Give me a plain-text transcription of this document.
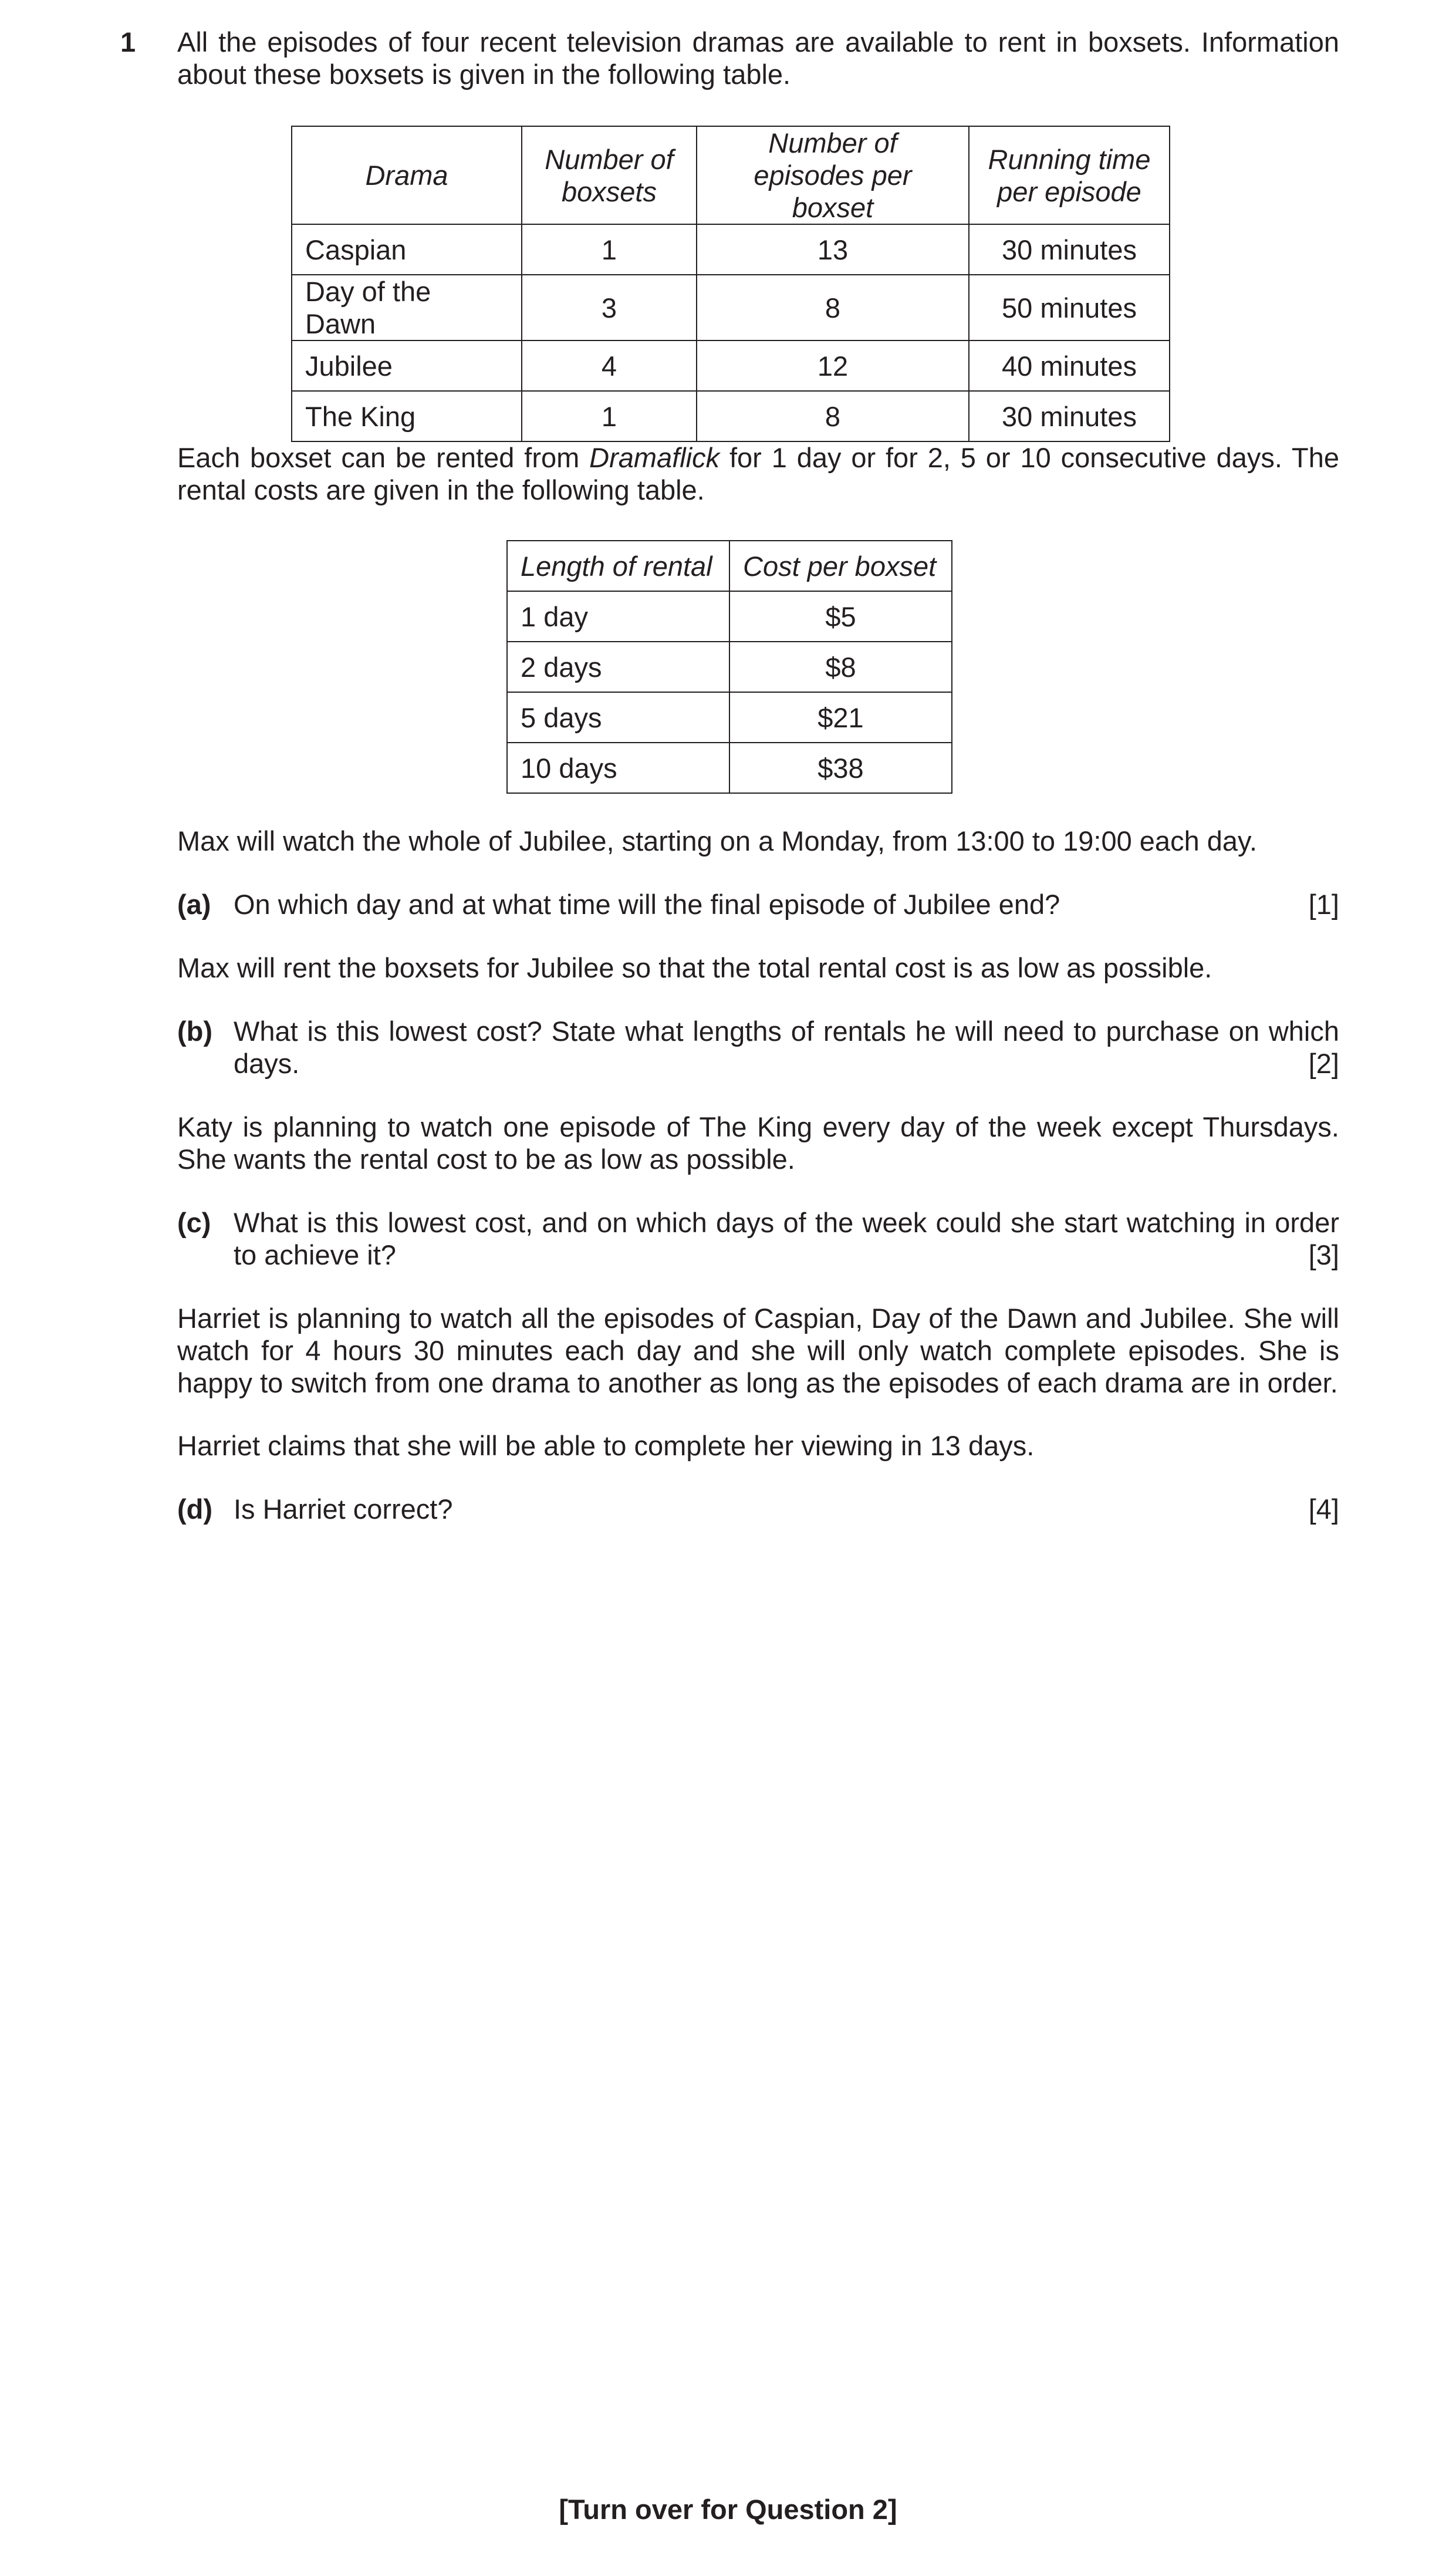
1 All the episodes of four recent television dramas are available to rent in boxsets. Information about these boxsets is given in the following table.
Drama	Number of boxsets	Number of episodes per boxset	Running time per episode
Caspian	1	13	30 minutes
Day of the Dawn	3	8	50 minutes
Jubilee	4	12	40 minutes
The King	1	8	30 minutes
Each boxset can be rented from Dramaflick for 1 day or for 2, 5 or 10 consecutive days. The rental costs are given in the following table.
Length of rental	Cost per boxset
1 day	$5
2 days	$8
5 days	$21
10 days	$38
Max will watch the whole of Jubilee, starting on a Monday, from 13:00 to 19:00 each day.
(a) On which day and at what time will the final episode of Jubilee end?	[1]
Max will rent the boxsets for Jubilee so that the total rental cost is as low as possible.
(b) What is this lowest cost? State what lengths of rentals he will need to purchase on which days.	[2]
Katy is planning to watch one episode of The King every day of the week except Thursdays. She wants the rental cost to be as low as possible.
(c) What is this lowest cost, and on which days of the week could she start watching in order to achieve it?	[3]
Harriet is planning to watch all the episodes of Caspian, Day of the Dawn and Jubilee. She will watch for 4 hours 30 minutes each day and she will only watch complete episodes. She is happy to switch from one drama to another as long as the episodes of each drama are in order.
Harriet claims that she will be able to complete her viewing in 13 days.
(d) Is Harriet correct?	[4]
[Turn over for Question 2]
